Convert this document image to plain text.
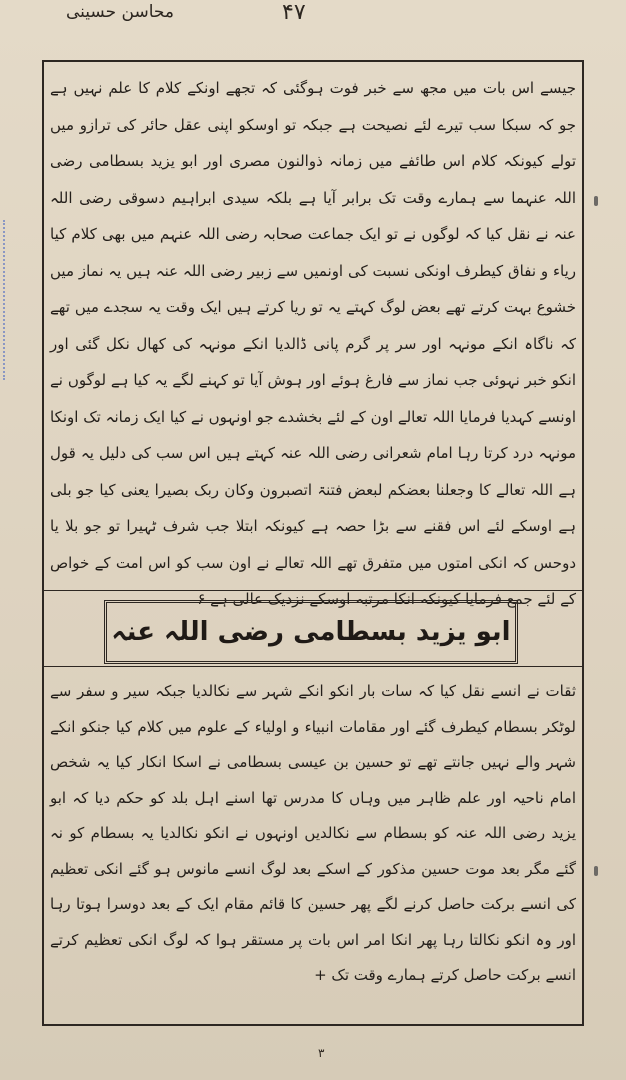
۴۷
محاسن حسینی
جیسے اس بات میں مجھ سے خبر فوت ہوگئی کہ تجھے اونکے کلام کا علم نہیں ہے جو کہ سبکا سب تیرے لئے نصیحت ہے جبکہ تو اوسکو اپنی عقل حائر کی ترازو میں تولے کیونکہ کلام اس طائفے میں زمانہ ذوالنون مصری اور ابو یزید بسطامی رضی اللہ عنہما سے ہمارے وقت تک برابر آیا ہے بلکہ سیدی ابراہیم دسوقی رضی اللہ عنہ نے نقل کیا کہ لوگوں نے تو ایک جماعت صحابہ رضی اللہ عنہم میں بھی کلام کیا ریاء و نفاق کیطرف اونکی نسبت کی اونمیں سے زبیر رضی اللہ عنہ ہیں یہ نماز میں خشوع بہت کرتے تھے بعض لوگ کہتے یہ تو ریا کرتے ہیں ایک وقت یہ سجدے میں تھے کہ ناگاہ انکے مونہہ اور سر پر گرم پانی ڈالدیا انکے مونہہ کی کھال نکل گئی اور انکو خبر نہوئی جب نماز سے فارغ ہوئے اور ہوش آیا تو کہنے لگے یہ کیا ہے لوگوں نے اونسے کہدیا فرمایا اللہ تعالے اون کے لئے بخشدے جو اونہوں نے کیا ایک زمانہ تک اونکا مونہہ درد کرتا رہا امام شعرانی رضی اللہ عنہ کہتے ہیں اس سب کی دلیل یہ قول ہے اللہ تعالے کا وجعلنا بعضکم لبعض فتنۃ اتصبرون وکان ربک بصیرا یعنی کیا جو بلی ہے اوسکے لئے اس فقنے سے بڑا حصہ ہے کیونکہ ابتلا جب شرف ٹہیرا تو جو بلا یا دوحس کہ انکی امتوں میں متفرق تھے اللہ تعالے نے اون سب کو اس امت کے خواص کے لئے جمع فرمایا کیونکہ انکا مرتبہ اوسکے نزدیک عالی ہے ۶
ابو یزید بسطامی رضی اللہ عنہ
ثقات نے انسے نقل کیا کہ سات بار انکو انکے شہر سے نکالدیا جبکہ سیر و سفر سے لوٹکر بسطام کیطرف گئے اور مقامات انبیاء و اولیاء کے علوم میں کلام کیا جنکو انکے شہر والے نہیں جانتے تھے تو حسین بن عیسی بسطامی نے اسکا انکار کیا یہ شخص امام ناحیہ اور علم ظاہر میں وہاں کا مدرس تھا اسنے اہل بلد کو حکم دیا کہ ابو یزید رضی اللہ عنہ کو بسطام سے نکالدیں اونہوں نے انکو نکالدیا یہ بسطام کو نہ گئے مگر بعد موت حسین مذکور کے اسکے بعد لوگ انسے مانوس ہو گئے انکی تعظیم کی انسے برکت حاصل کرنے لگے پھر حسین کا قائم مقام ایک کے بعد دوسرا ہوتا رہا اور وہ انکو نکالتا رہا پھر انکا امر اس بات پر مستقر ہوا کہ لوگ انکی تعظیم کرتے انسے برکت حاصل کرتے ہمارے وقت تک +
۳
